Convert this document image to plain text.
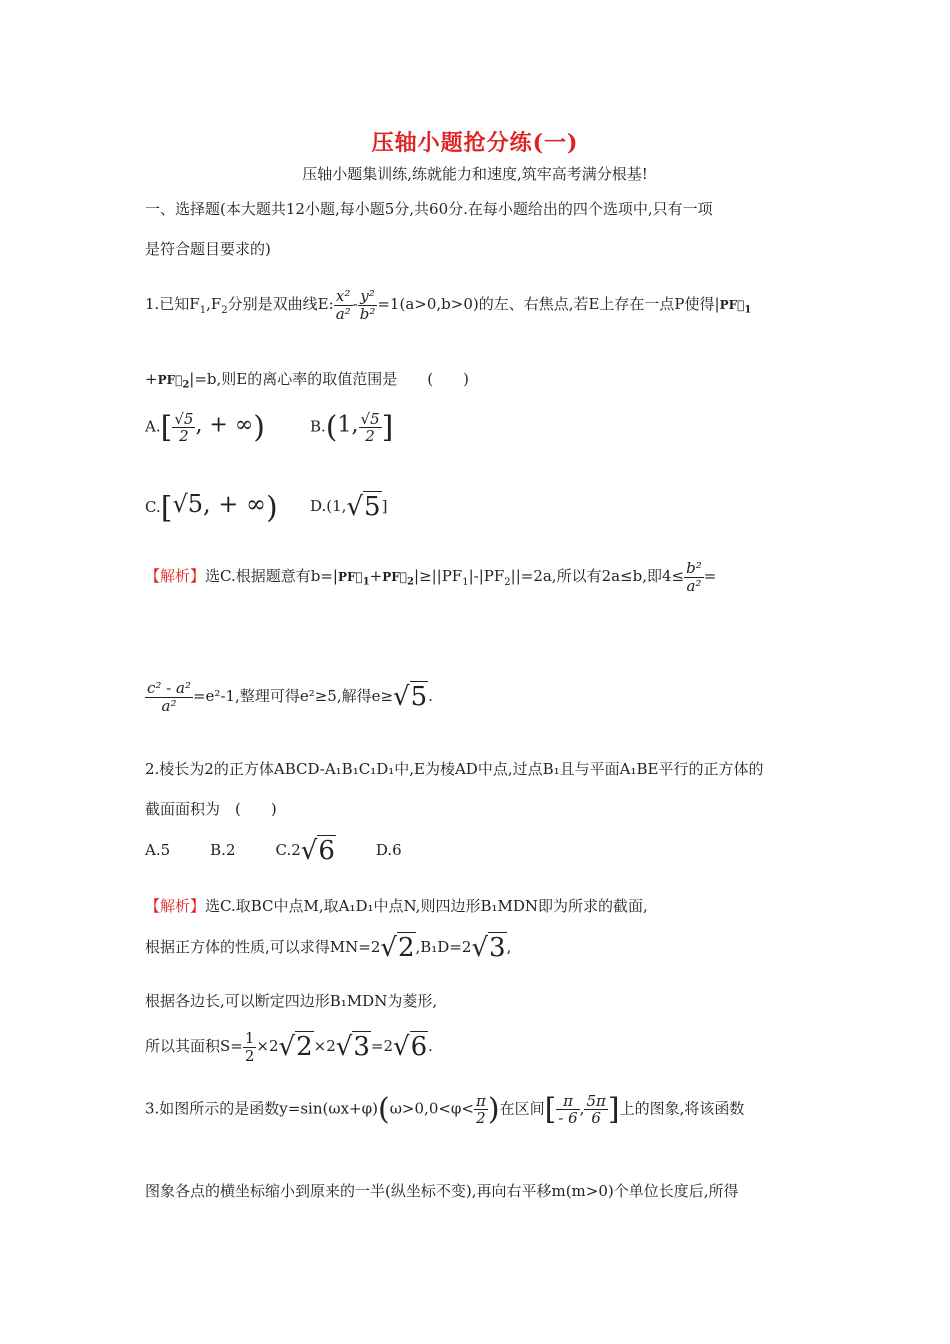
压轴小题抢分练(一)
压轴小题集训练,练就能力和速度,筑牢高考满分根基!
一、选择题(本大题共12小题,每小题5分,共60分.在每小题给出的四个选项中,只有一项
是符合题目要求的)
1.已知$F_1,F_2$分别是双曲线E: $\frac{\text{x²}}{\text{a²}} - \frac{\text{y²}}{\text{b²}} =1(a>0,b>0)$的左、右焦点,若E上存在一点P使得$|PF⃗_1$
$+PF⃗_2|=b$,则E的离心率的取值范围是　　(　　)
$A.[ \frac{√5}{2}$ , + ∞)	B.(1, $\frac{√5}{2}$ ]
C.[√5, + ∞) D.(1,√5]
【解析】选C.根据题意有$b=|PF⃗_1+PF⃗_2|\ge||PF_1|-|PF_2||=2a$,所以有2a≤b,即$4\le \frac{\text{b²}}{\text{a²}}$ =
$\frac{\text{c² - a²}}{\text{a²}} =e^2-1$,整理可得e²≥5,解得e≥√5.
2.棱长为2的正方体ABCD-A₁B₁C₁D₁中,E为棱AD中点,过点B₁且与平面A₁BE平行的正方体的
截面面积为　(　　)
A.5	B.2	C.2√6	D.6
【解析】选C.取BC中点M,取A₁D₁中点N,则四边形B₁MDN即为所求的截面,
根据正方体的性质,可以求得MN=2√2,B₁D=2√3,
根据各边长,可以断定四边形B₁MDN为菱形,
所以其面积$S= \frac{1}{2} \times 2√2\times 2√3=2√6$.
3.如图所示的是函数$y=\sin(\omega x+\varphi)(\omega>0,0<\varphi< \frac{\pi}{2}$ )在区间[ $\frac{\pi}{- 6}$ , $\frac{5\pi}{6}$ ]上的图象,将该函数
图象各点的横坐标缩小到原来的一半(纵坐标不变),再向右平移m(m>0)个单位长度后,所得
